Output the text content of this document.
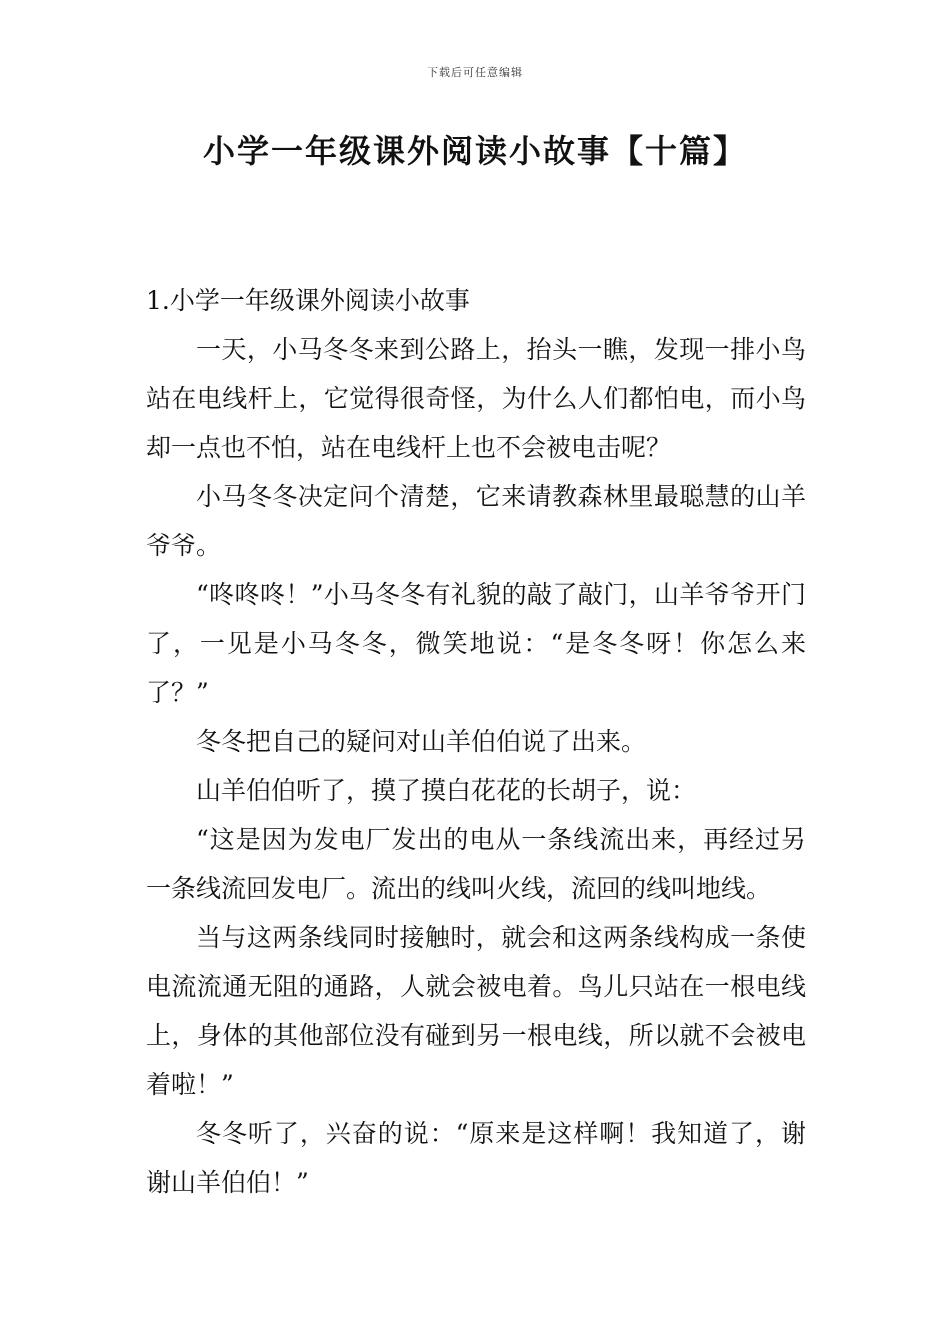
下载后可任意编辑
小学一年级课外阅读小故事【十篇】

1.小学一年级课外阅读小故事

一天，小马冬冬来到公路上，抬头一瞧，发现一排小鸟站在电线杆上，它觉得很奇怪，为什么人们都怕电，而小鸟却一点也不怕，站在电线杆上也不会被电击呢？

小马冬冬决定问个清楚，它来请教森林里最聪慧的山羊爷爷。

“咚咚咚！”小马冬冬有礼貌的敲了敲门，山羊爷爷开门了，一见是小马冬冬，微笑地说：“是冬冬呀！你怎么来了？”

冬冬把自己的疑问对山羊伯伯说了出来。

山羊伯伯听了，摸了摸白花花的长胡子，说：

“这是因为发电厂发出的电从一条线流出来，再经过另一条线流回发电厂。流出的线叫火线，流回的线叫地线。

当与这两条线同时接触时，就会和这两条线构成一条使电流流通无阻的通路，人就会被电着。鸟儿只站在一根电线上，身体的其他部位没有碰到另一根电线，所以就不会被电着啦！”

冬冬听了，兴奋的说：“原来是这样啊！我知道了，谢谢山羊伯伯！”
